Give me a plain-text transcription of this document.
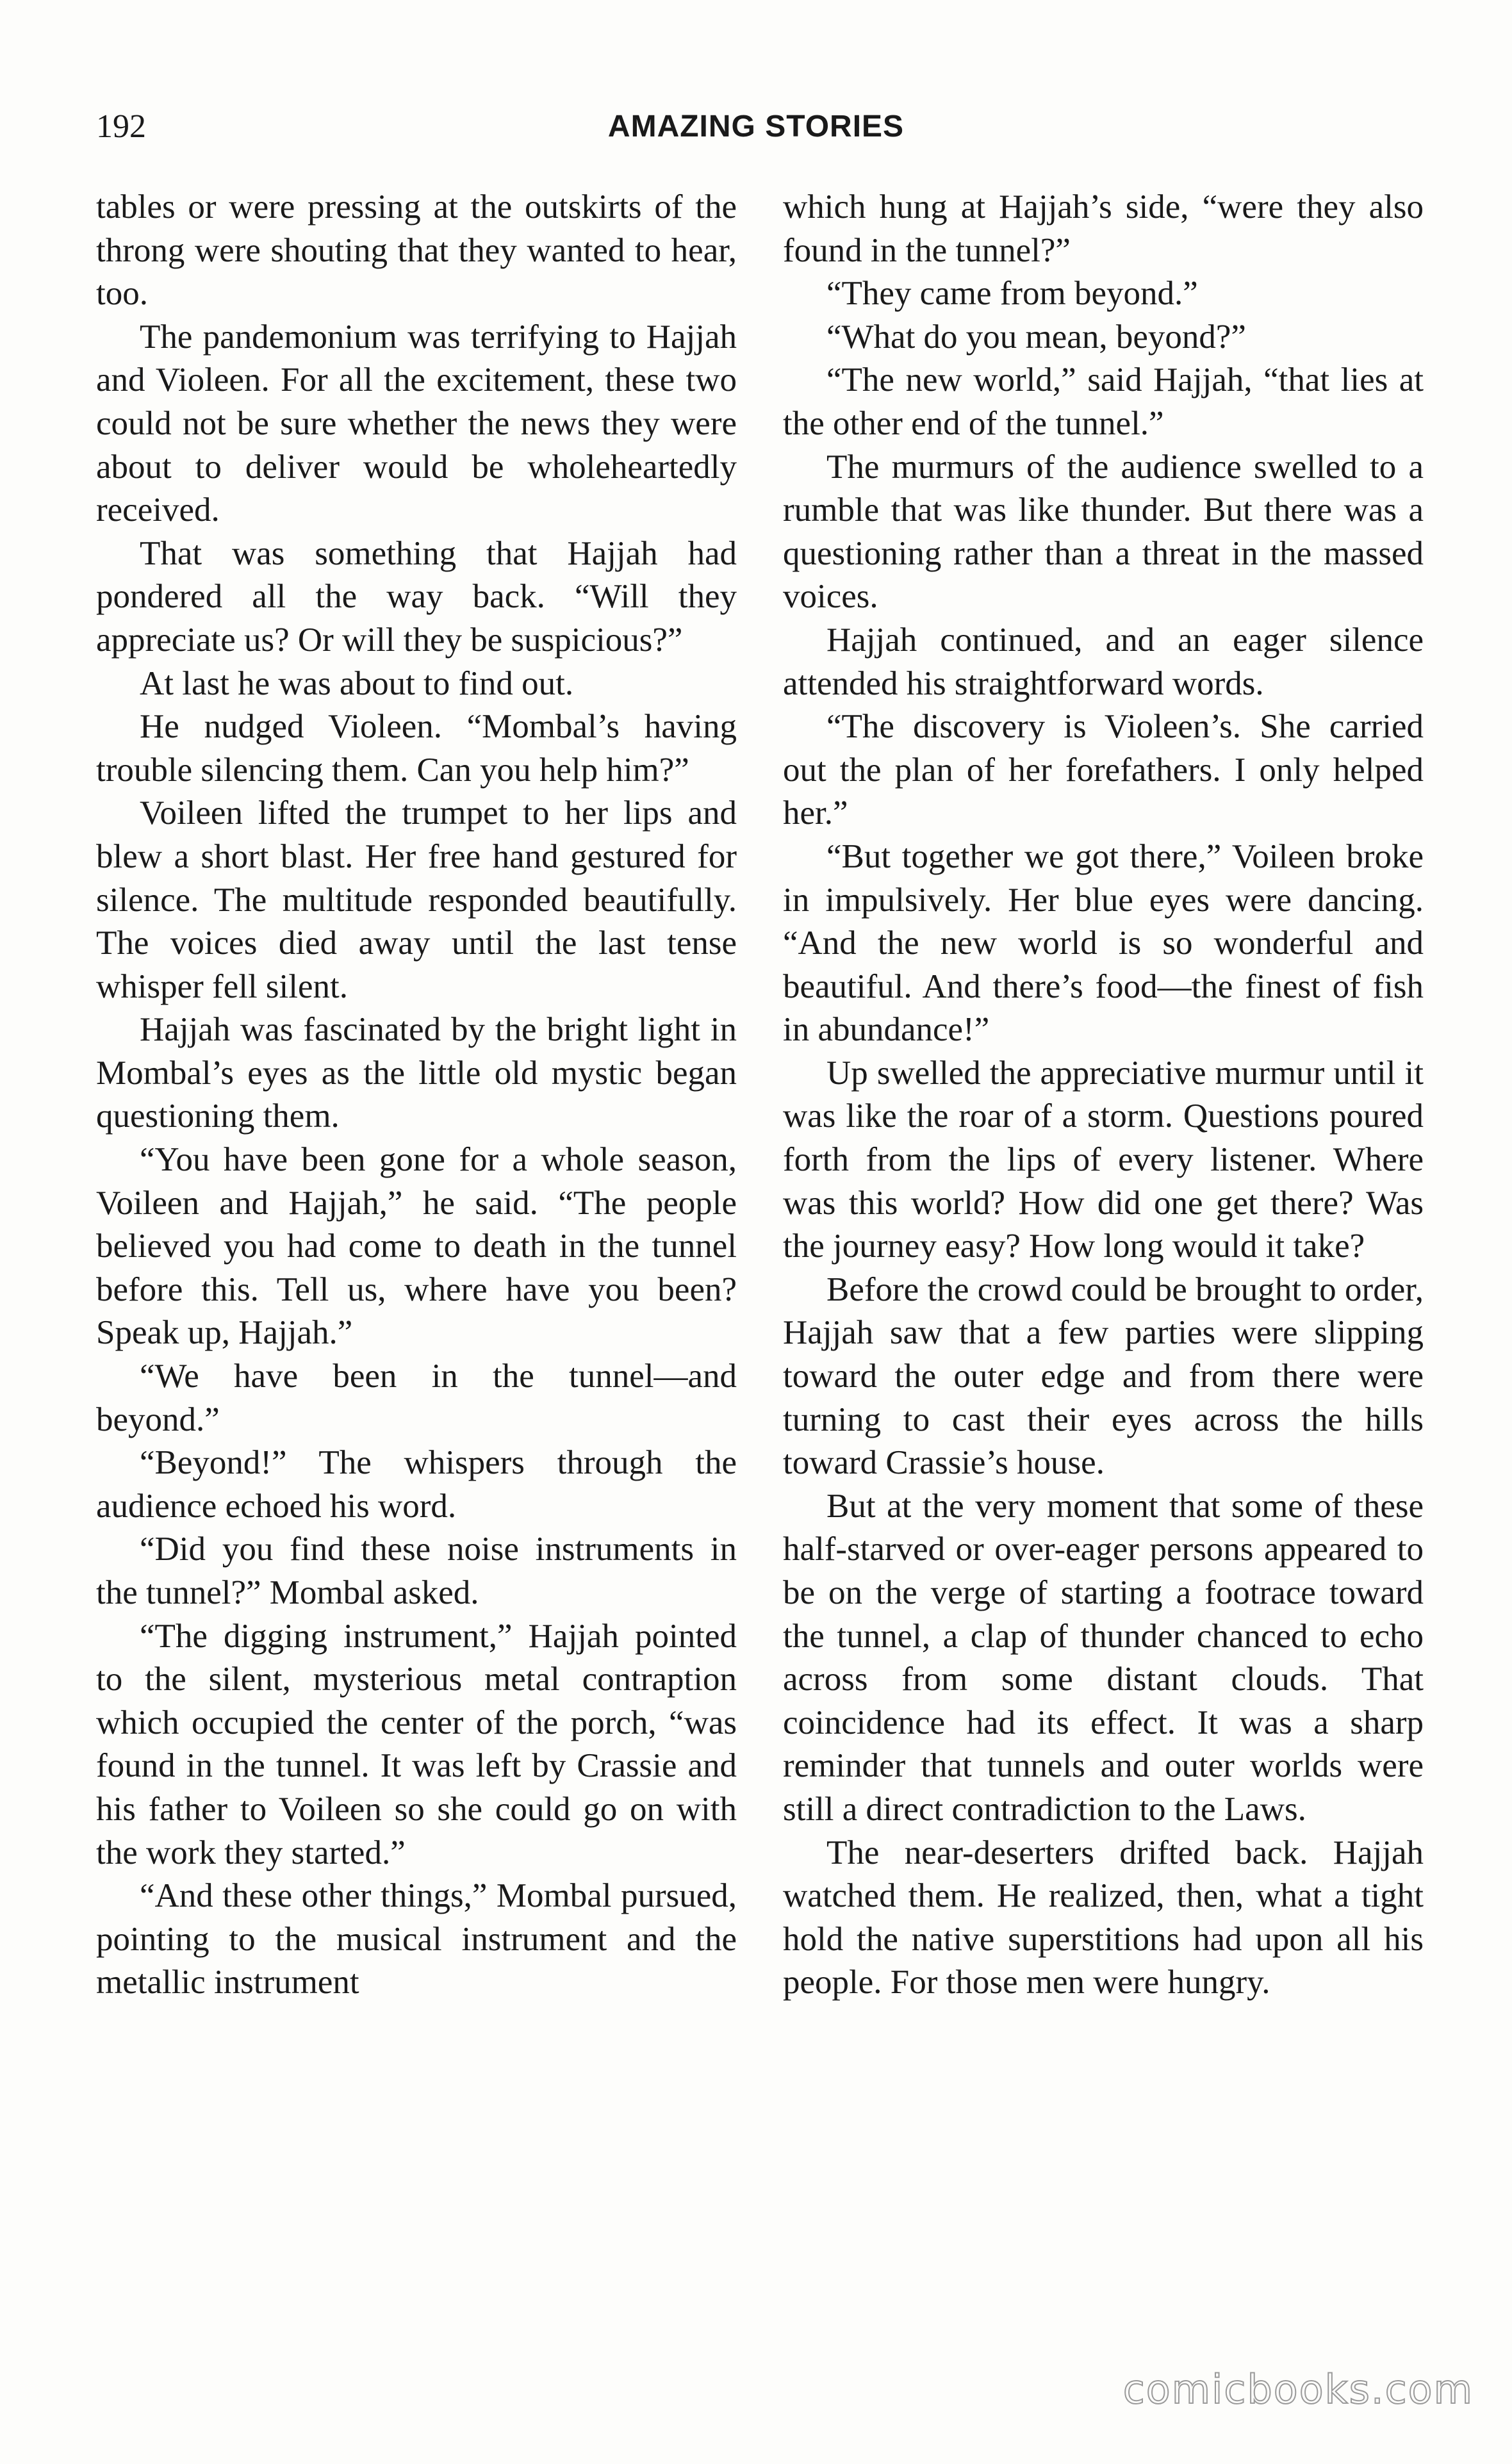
192	AMAZING STORIES

tables or were pressing at the outskirts of the throng were shouting that they wanted to hear, too.

The pandemonium was terrifying to Hajjah and Violeen. For all the excitement, these two could not be sure whether the news they were about to deliver would be wholeheartedly received.

That was something that Hajjah had pondered all the way back. “Will they appreciate us? Or will they be suspicious?”

At last he was about to find out.

He nudged Violeen. “Mombal’s having trouble silencing them. Can you help him?”

Voileen lifted the trumpet to her lips and blew a short blast. Her free hand gestured for silence. The multitude responded beautifully. The voices died away until the last tense whisper fell silent.

Hajjah was fascinated by the bright light in Mombal’s eyes as the little old mystic began questioning them.

“You have been gone for a whole season, Voileen and Hajjah,” he said. “The people believed you had come to death in the tunnel before this. Tell us, where have you been? Speak up, Hajjah.”

“We have been in the tunnel—and beyond.”

“Beyond!” The whispers through the audience echoed his word.

“Did you find these noise instruments in the tunnel?” Mombal asked.

“The digging instrument,” Hajjah pointed to the silent, mysterious metal contraption which occupied the center of the porch, “was found in the tunnel. It was left by Crassie and his father to Voileen so she could go on with the work they started.”

“And these other things,” Mombal pursued, pointing to the musical instrument and the metallic instrument

which hung at Hajjah’s side, “were they also found in the tunnel?”

“They came from beyond.”

“What do you mean, beyond?”

“The new world,” said Hajjah, “that lies at the other end of the tunnel.”

The murmurs of the audience swelled to a rumble that was like thunder. But there was a questioning rather than a threat in the massed voices.

Hajjah continued, and an eager silence attended his straightforward words.

“The discovery is Violeen’s. She carried out the plan of her forefathers. I only helped her.”

“But together we got there,” Voileen broke in impulsively. Her blue eyes were dancing. “And the new world is so wonderful and beautiful. And there’s food—the finest of fish in abundance!”

Up swelled the appreciative murmur until it was like the roar of a storm. Questions poured forth from the lips of every listener. Where was this world? How did one get there? Was the journey easy? How long would it take?

Before the crowd could be brought to order, Hajjah saw that a few parties were slipping toward the outer edge and from there were turning to cast their eyes across the hills toward Crassie’s house.

But at the very moment that some of these half-starved or over-eager persons appeared to be on the verge of starting a footrace toward the tunnel, a clap of thunder chanced to echo across from some distant clouds. That coincidence had its effect. It was a sharp reminder that tunnels and outer worlds were still a direct contradiction to the Laws.

The near-deserters drifted back. Hajjah watched them. He realized, then, what a tight hold the native superstitions had upon all his people. For those men were hungry.

comicbooks.com
